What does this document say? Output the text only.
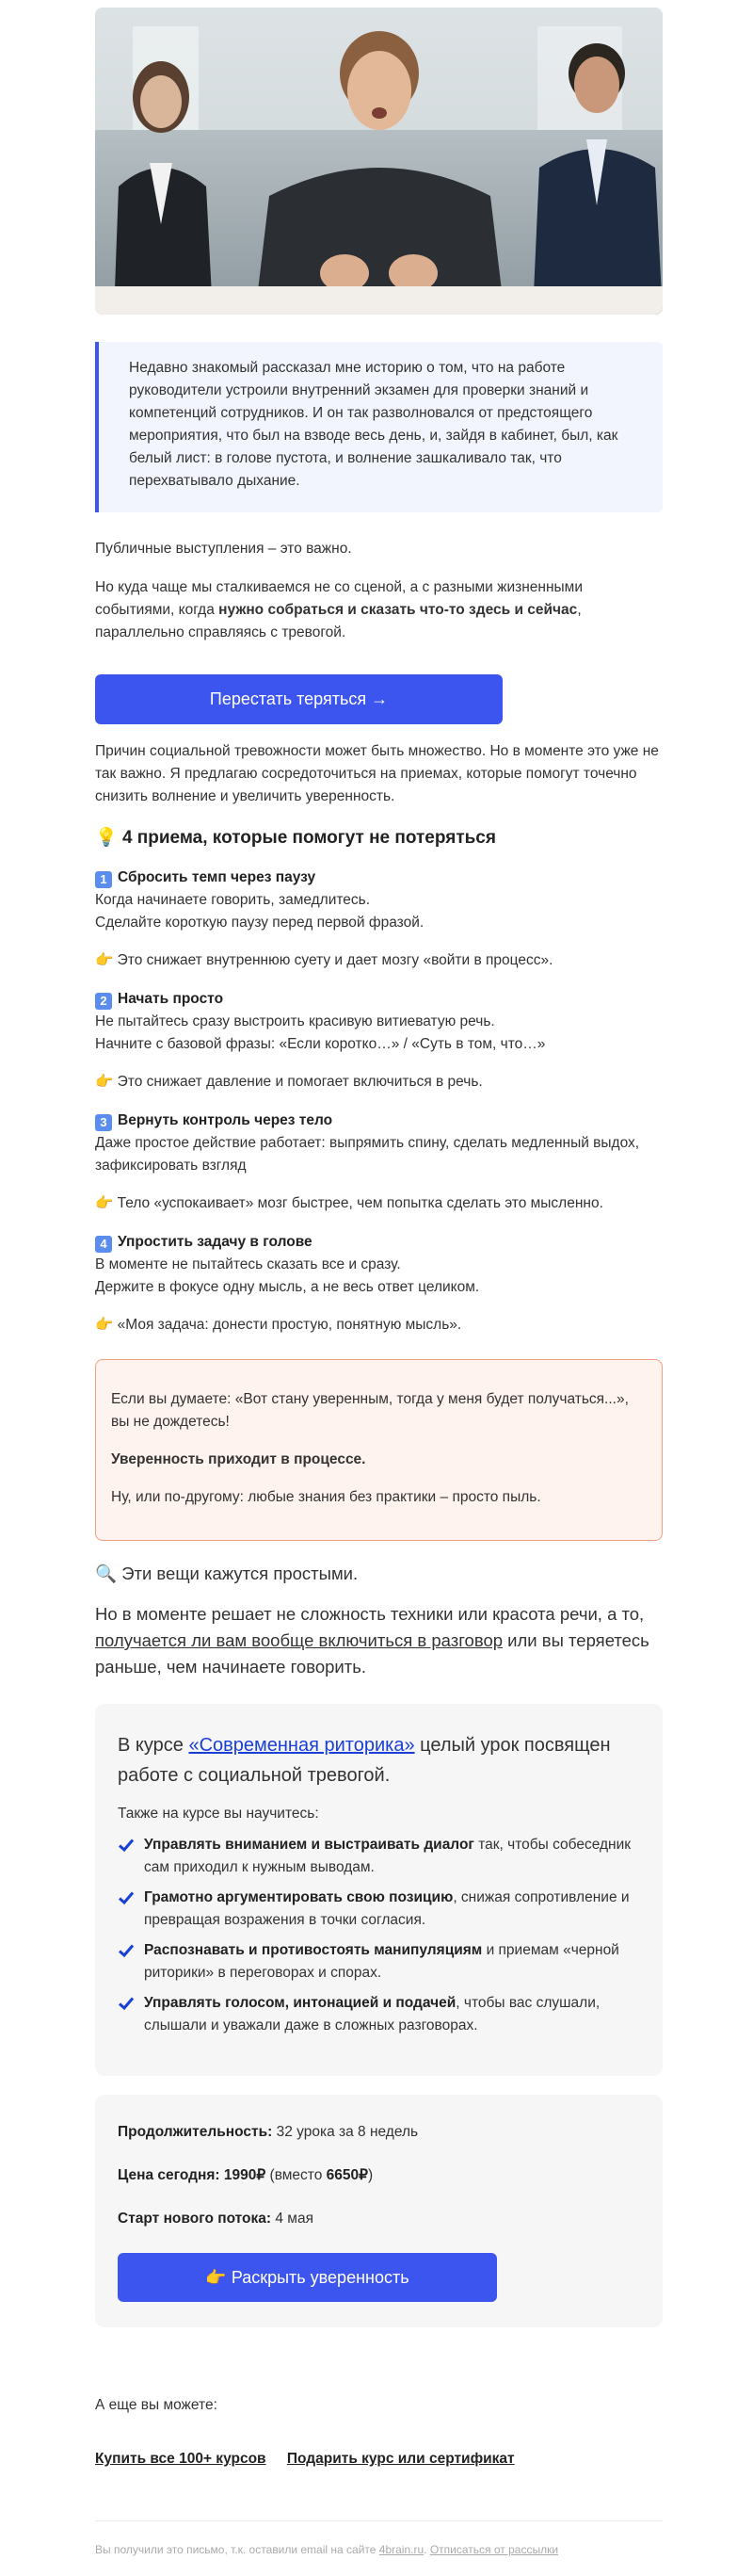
Недавно знакомый рассказал мне историю о том, что на работе руководители устроили внутренний экзамен для проверки знаний и компетенций сотрудников. И он так разволновался от предстоящего мероприятия, что был на взводе весь день, и, зайдя в кабинет, был, как белый лист: в голове пустота, и волнение зашкаливало так, что перехватывало дыхание.

Публичные выступления – это важно.

Но куда чаще мы сталкиваемся не со сценой, а с разными жизненными событиями, когда нужно собраться и сказать что-то здесь и сейчас, параллельно справляясь с тревогой.

Перестать теряться →

Причин социальной тревожности может быть множество. Но в моменте это уже не так важно. Я предлагаю сосредоточиться на приемах, которые помогут точечно снизить волнение и увеличить уверенность.

💡 4 приема, которые помогут не потеряться
1 Сбросить темп через паузу
Когда начинаете говорить, замедлитесь.
Сделайте короткую паузу перед первой фразой.
👉 Это снижает внутреннюю суету и дает мозгу «войти в процесс».
2 Начать просто
Не пытайтесь сразу выстроить красивую витиеватую речь.
Начните с базовой фразы: «Если коротко…» / «Суть в том, что…»
👉 Это снижает давление и помогает включиться в речь.
3 Вернуть контроль через тело
Даже простое действие работает: выпрямить спину, сделать медленный выдох, зафиксировать взгляд
👉 Тело «успокаивает» мозг быстрее, чем попытка сделать это мысленно.
4 Упростить задачу в голове
В моменте не пытайтесь сказать все и сразу.
Держите в фокусе одну мысль, а не весь ответ целиком.
👉 «Моя задача: донести простую, понятную мысль».

Если вы думаете: «Вот стану уверенным, тогда у меня будет получаться...», вы не дождетесь!

Уверенность приходит в процессе.

Ну, или по-другому: любые знания без практики – просто пыль.

🔍 Эти вещи кажутся простыми.

Но в моменте решает не сложность техники или красота речи, а то, получается ли вам вообще включиться в разговор или вы теряетесь раньше, чем начинаете говорить.

В курсе «Современная риторика» целый урок посвящен работе с социальной тревогой.

Также на курсе вы научитесь:

Управлять вниманием и выстраивать диалог так, чтобы собеседник сам приходил к нужным выводам.
Грамотно аргументировать свою позицию, снижая сопротивление и превращая возражения в точки согласия.
Распознавать и противостоять манипуляциям и приемам «черной риторики» в переговорах и спорах.
Управлять голосом, интонацией и подачей, чтобы вас слушали, слышали и уважали даже в сложных разговорах.
Продолжительность: 32 урока за 8 недель
Цена сегодня: 1990₽ (вместо 6650₽)
Старт нового потока: 4 мая
👉 Раскрыть уверенность

А еще вы можете:

Купить все 100+ курсов Подарить курс или сертификат
Вы получили это письмо, т.к. оставили email на сайте 4brain.ru. Отписаться от рассылки
